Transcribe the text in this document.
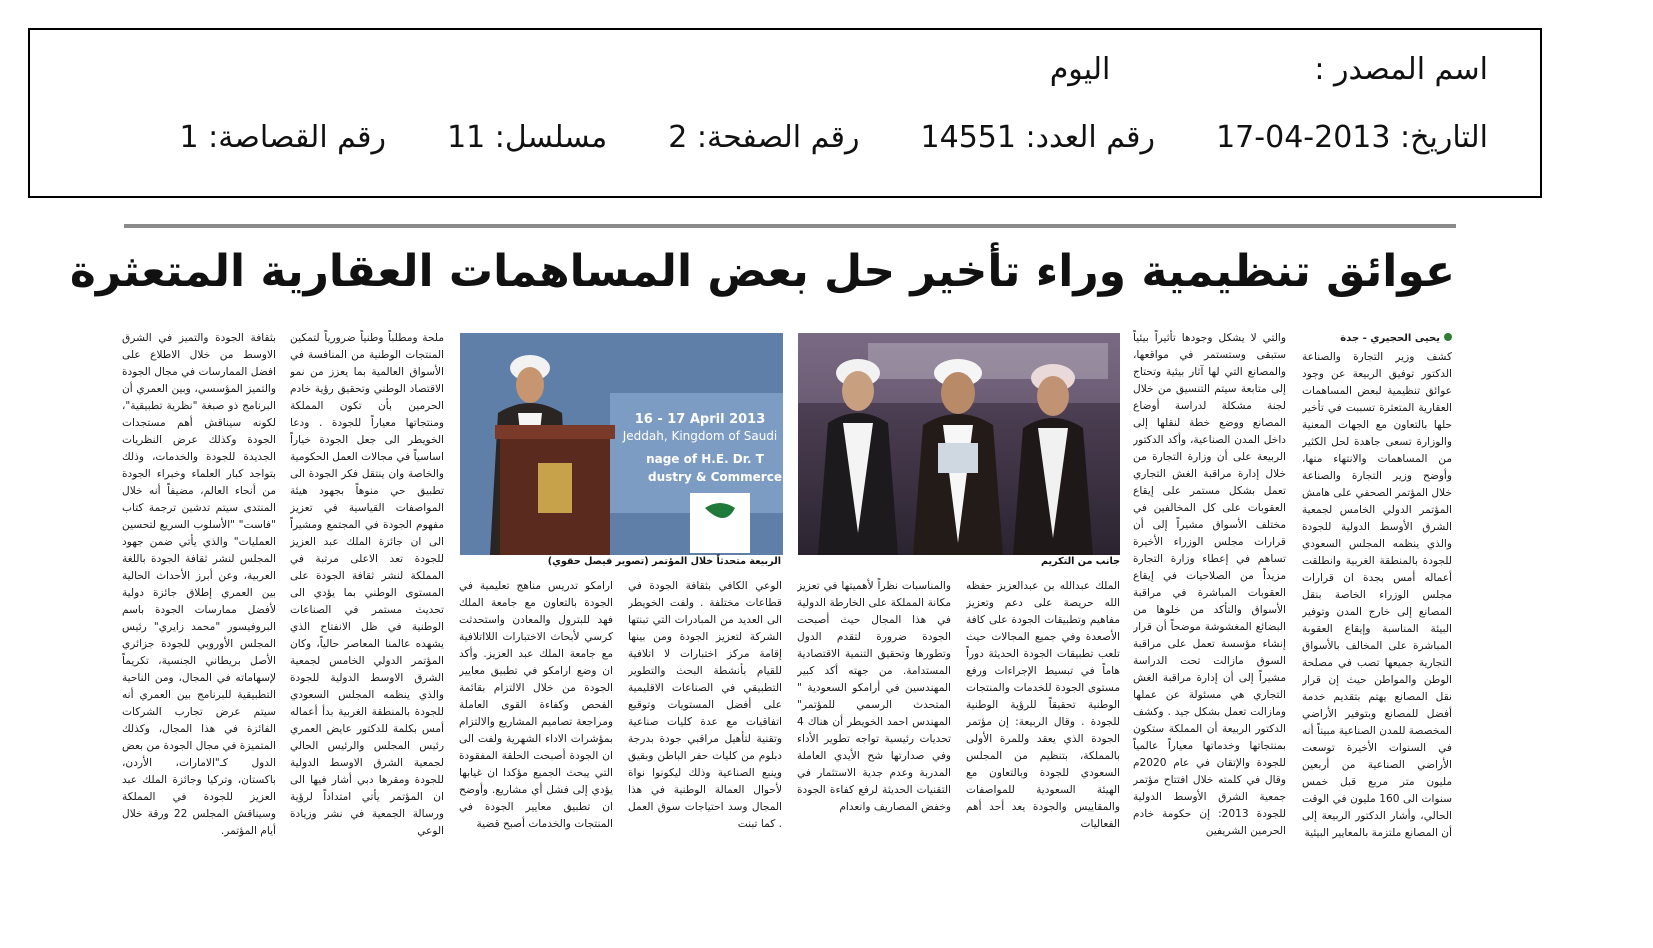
اسم المصدر :اليوم
التاريخ: 2013-04-17  رقم العدد: 14551  رقم الصفحة: 2  مسلسل: 11  رقم القصاصة: 1
عوائق تنظيمية وراء تأخير حل بعض المساهمات العقارية المتعثرة
يحيى الحجيري - جدة
كشف وزير التجارة والصناعة الدكتور توفيق الربيعة عن وجود عوائق تنظيمية لبعض المساهمات العقارية المتعثرة تسببت في تأخير حلها بالتعاون مع الجهات المعنية والوزارة تسعى جاهدة لحل الكثير من المساهمات والانتهاء منها، وأوضح وزير التجارة والصناعة خلال المؤتمر الصحفي على هامش المؤتمر الدولي الخامس لجمعية الشرق الأوسط الدولية للجودة والذي ينظمه المجلس السعودي للجودة بالمنطقة الغربية وانطلقت أعماله أمس بجدة ان قرارات مجلس الوزراء الخاصة بنقل المصانع إلى خارج المدن وتوفير البيئة المناسبة وإيقاع العقوبة المباشرة على المخالف بالأسواق التجارية جميعها تصب في مصلحة الوطن والمواطن حيث إن قرار نقل المصانع يهتم بتقديم خدمة أفضل للمصانع وبتوفير الأراضي المخصصة للمدن الصناعية مبيناً أنه في السنوات الأخيرة توسعت الأراضي الصناعية من أربعين مليون متر مربع قبل خمس سنوات الى 160 مليون في الوقت الحالي، وأشار الدكتور الربيعة إلى أن المصانع ملتزمة بالمعايير البيئية
والتي لا يشكل وجودها تأثيراً بيئياً ستبقى وستستمر في مواقعها، والمصانع التي لها آثار بيئية وتحتاج إلى متابعة سيتم التنسيق من خلال لجنة مشكلة لدراسة أوضاع المصانع ووضع خطة لنقلها إلى داخل المدن الصناعية، وأكد الدكتور الربيعة على أن وزارة التجارة من خلال إدارة مراقبة الغش التجاري تعمل بشكل مستمر على إيقاع العقوبات على كل المخالفين في مختلف الأسواق مشيراً إلى أن قرارات مجلس الوزراء الأخيرة تساهم في إعطاء وزارة التجارة مزيداً من الصلاحيات في إيقاع العقوبات المباشرة في مراقبة الأسواق والتأكد من خلوها من البضائع المغشوشة موضحاً أن قرار إنشاء مؤسسة تعمل على مراقبة السوق مازالت تحت الدراسة مشيراً إلى أن إدارة مراقبة الغش التجاري هي مسئولة عن عملها ومازالت تعمل بشكل جيد . وكشف الدكتور الربيعة أن المملكة ستكون بمنتجاتها وخدماتها معياراً عالمياً للجودة والإتقان في عام 2020م وقال في كلمته خلال افتتاح مؤتمر جمعية الشرق الأوسط الدولية للجودة 2013: إن حكومة خادم الحرمين الشريفين
16 - 17 April 2013
Jeddah, Kingdom of Saudi
nage of H.E. Dr. T
dustry & Commerce
جانب من التكريم
الربيعة متحدثاً خلال المؤتمر (تصوير فيصل حقوي)
الملك عبدالله بن عبدالعزيز حفظه الله حريصة على دعم وتعزيز مفاهيم وتطبيقات الجودة على كافة الأصعدة وفي جميع المجالات حيث تلعب تطبيقات الجودة الحديثة دوراً هاماً في تبسيط الإجراءات ورفع مستوى الجودة للخدمات والمنتجات الوطنية تحقيقاً للرؤية الوطنية للجودة . وقال الربيعة: إن مؤتمر الجودة الذي يعقد وللمرة الأولى بالمملكة، بتنظيم من المجلس السعودي للجودة وبالتعاون مع الهيئة السعودية للمواصفات والمقاييس والجودة يعد أحد أهم الفعاليات
والمناسبات نظراً لأهميتها في تعزيز مكانة المملكة على الخارطة الدولية في هذا المجال حيث أصبحت الجودة ضرورة لتقدم الدول وتطورها وتحقيق التنمية الاقتصادية المستدامة. من جهته أكد كبير المهندسين في أرامكو السعودية " المتحدث الرسمي للمؤتمر" المهندس احمد الخويطر أن هناك 4 تحديات رئيسية تواجه تطوير الأداء وفي صدارتها شح الأيدي العاملة المدربة وعدم جدية الاستثمار في التقنيات الحديثة لرفع كفاءة الجودة وخفض المصاريف وانعدام
الوعي الكافي بثقافة الجودة في قطاعات مختلفة . ولفت الخويطر الى العديد من المبادرات التي تبنتها الشركة لتعزيز الجودة ومن بينها إقامة مركز اختبارات لا اتلافية للقيام بأنشطة البحث والتطوير التطبيقي في الصناعات الاقليمية على أفضل المستويات وتوقيع اتفاقيات مع عدة كليات صناعية وتقنية لتأهيل مراقبي جودة بدرجة دبلوم من كليات حفر الباطن وبقيق وينبع الصناعية وذلك ليكونوا نواة لأحوال العمالة الوطنية في هذا المجال وسد احتياجات سوق العمل . كما تبنت
ارامكو تدريس مناهج تعليمية في الجودة بالتعاون مع جامعة الملك فهد للبترول والمعادن واستحدثت كرسي لأبحاث الاختبارات اللااتلافية مع جامعة الملك عبد العزيز. وأكد ان وضع ارامكو في تطبيق معايير الجودة من خلال الالتزام بقائمة الفحص وكفاءة القوى العاملة ومراجعة تصاميم المشاريع والالتزام بمؤشرات الاداء الشهرية ولفت الى ان الجودة أصبحت الحلقة المفقودة التي يبحث الجميع مؤكدا ان غيابها يؤدي إلى فشل أي مشاريع. وأوضح ان تطبيق معايير الجودة في المنتجات والخدمات أصبح قضية
ملحة ومطلباً وطنياً ضرورياً لتمكين المنتجات الوطنية من المنافسة في الأسواق العالمية بما يعزز من نمو الاقتصاد الوطني وتحقيق رؤية خادم الحرمين بأن تكون المملكة ومنتجاتها معياراً للجودة . ودعا الخويطر الى جعل الجودة خياراً اساسياً في مجالات العمل الحكومية والخاصة وان ينتقل فكر الجودة الى تطبيق حي منوهاً بجهود هيئة المواصفات القياسية في تعزيز مفهوم الجودة في المجتمع ومشيراً الى ان جائزة الملك عبد العزيز للجودة تعد الاعلى مرتبة في المملكة لنشر ثقافة الجودة على المستوى الوطني بما يؤدي الى تحديث مستمر في الصناعات الوطنية في ظل الانفتاح الذي يشهده عالمنا المعاصر حالياً، وكان المؤتمر الدولي الخامس لجمعية الشرق الاوسط الدولية للجودة والذي ينظمه المجلس السعودي للجودة بالمنطقة الغربية بدأ أعماله أمس بكلمة للدكتور عايض العمري رئيس المجلس والرئيس الحالي لجمعية الشرق الاوسط الدولية للجودة ومقرها دبي أشار فيها الى ان المؤتمر يأتي امتداداً لرؤية ورسالة الجمعية في نشر وزيادة الوعي
بثقافة الجودة والتميز في الشرق الاوسط من خلال الاطلاع على افضل الممارسات في مجال الجودة والتميز المؤسسي، وبين العمري أن البرنامج ذو صبغة "نظرية تطبيقية"، لكونه سيناقش أهم مستجدات الجودة وكذلك عرض النظريات الجديدة للجودة والخدمات، وذلك بتواجد كبار العلماء وخبراء الجودة من أنحاء العالم، مضيفاً أنه خلال المنتدى سيتم تدشين ترجمة كتاب "فاست" "الأسلوب السريع لتحسين العمليات" والذي يأتي ضمن جهود المجلس لنشر ثقافة الجودة باللغة العربية، وعن أبرز الأحداث الحالية بين العمري إطلاق جائزة دولية لأفضل ممارسات الجودة باسم البروفيسور "محمد زايري" رئيس المجلس الأوروبي للجودة جزائري الأصل بريطاني الجنسية، تكريماً لإسهاماته في المجال، ومن الناحية التطبيقية للبرنامج بين العمري أنه سيتم عرض تجارب الشركات الفائزة في هذا المجال، وكذلك المتميزة في مجال الجودة من بعض الدول كـ"الامارات، الأردن، باكستان، وتركيا وجائزة الملك عبد العزيز للجودة في المملكة وسيناقش المجلس 22 ورقة خلال أيام المؤتمر.
